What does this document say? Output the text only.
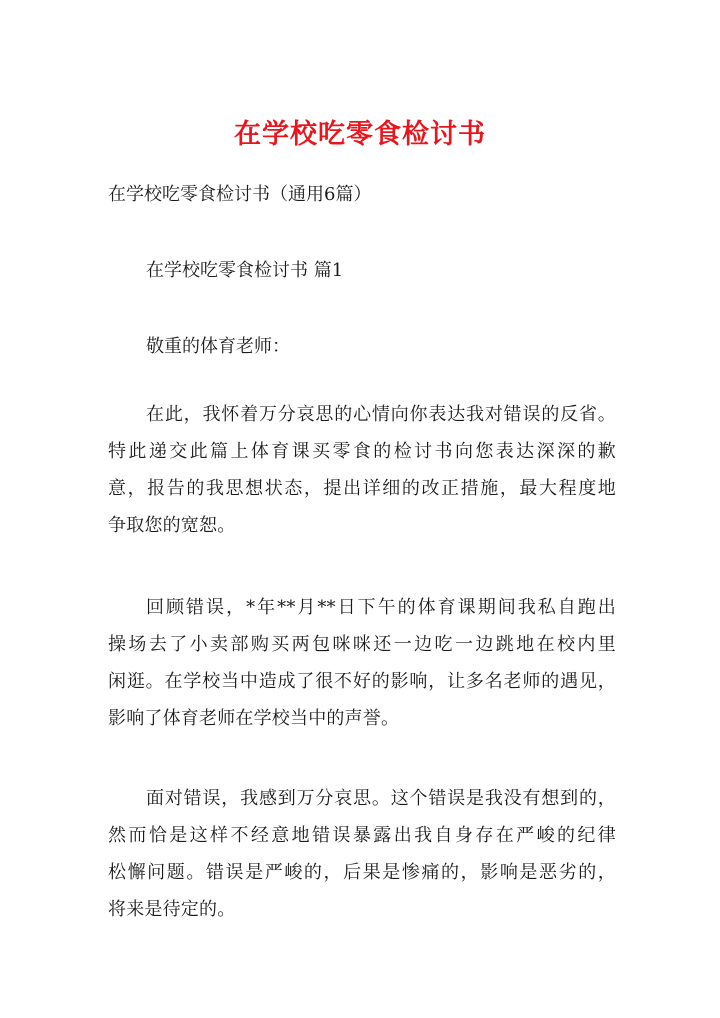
在学校吃零食检讨书
在学校吃零食检讨书（通用6篇）
在学校吃零食检讨书 篇1
敬重的体育老师：
在此，我怀着万分哀思的心情向你表达我对错误的反省。
特此递交此篇上体育课买零食的检讨书向您表达深深的歉
意，报告的我思想状态，提出详细的改正措施，最大程度地
争取您的宽恕。
回顾错误，*年**月**日下午的体育课期间我私自跑出
操场去了小卖部购买两包咪咪还一边吃一边跳地在校内里
闲逛。在学校当中造成了很不好的影响，让多名老师的遇见，
影响了体育老师在学校当中的声誉。
面对错误，我感到万分哀思。这个错误是我没有想到的，
然而恰是这样不经意地错误暴露出我自身存在严峻的纪律
松懈问题。错误是严峻的，后果是惨痛的，影响是恶劣的，
将来是待定的。
